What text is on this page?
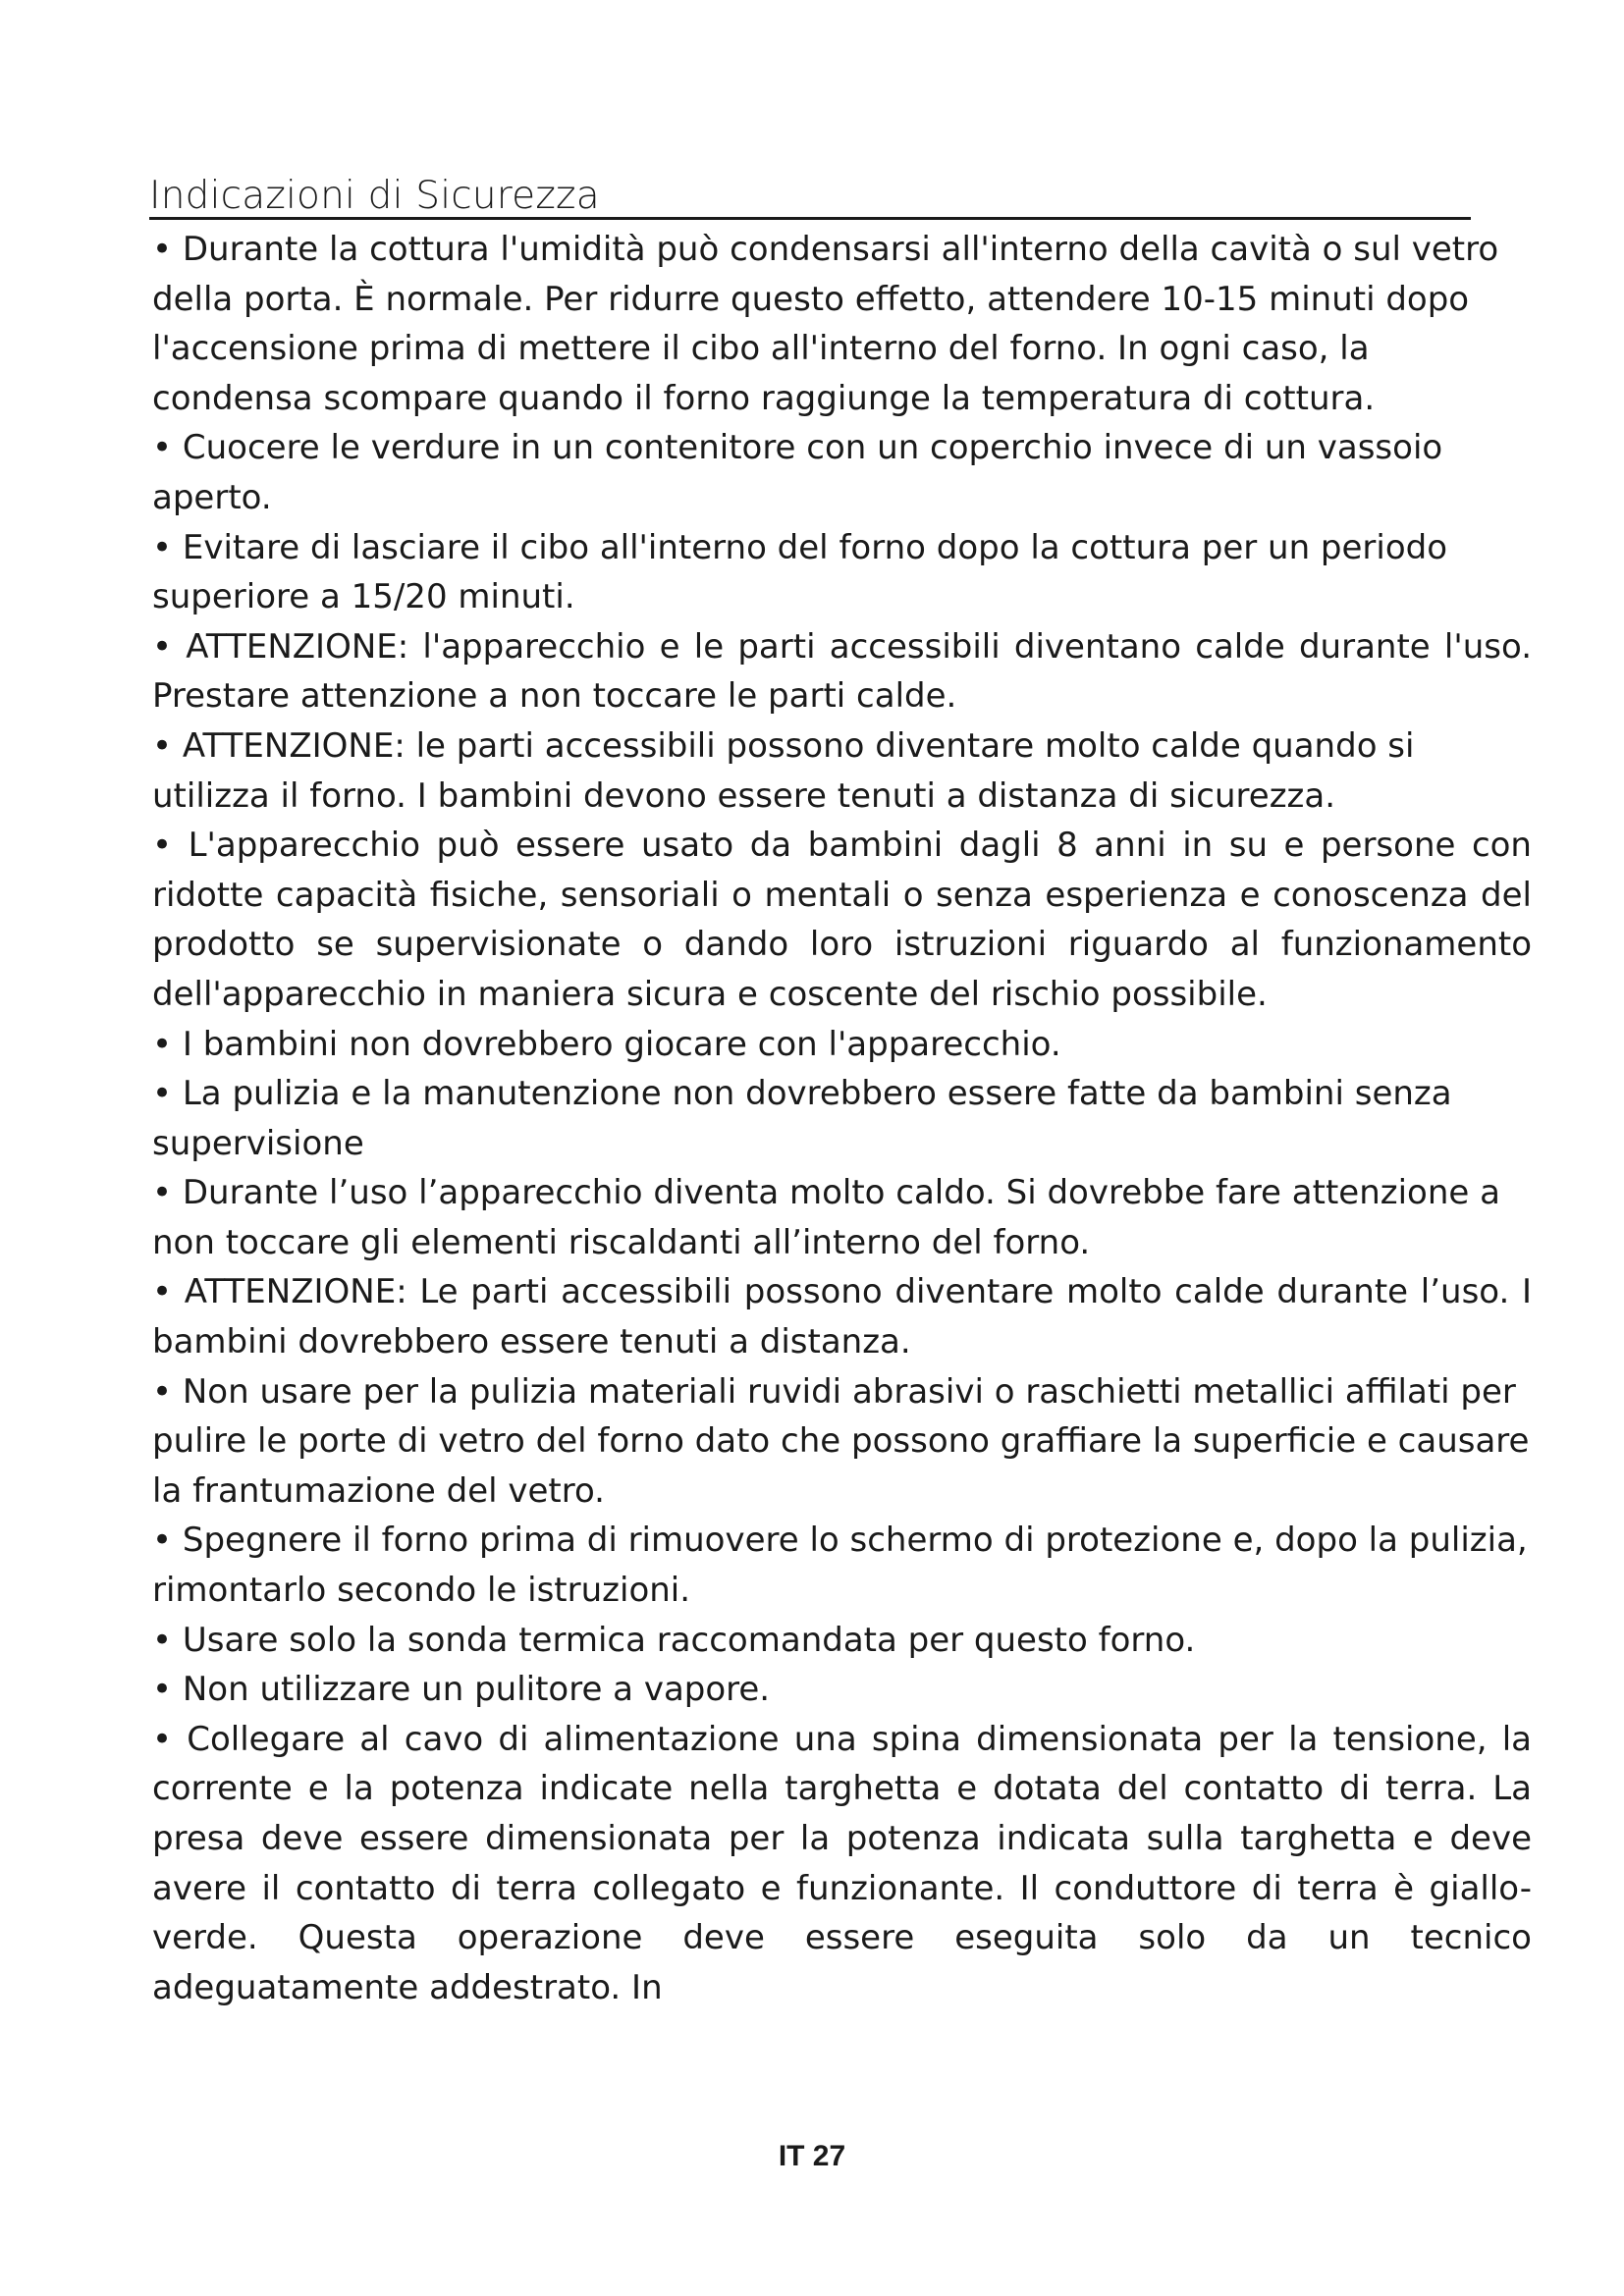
Indicazioni di Sicurezza

• Durante la cottura l'umidità può condensarsi all'interno della cavità o sul vetro della porta. È normale. Per ridurre questo effetto, attendere 10-15 minuti dopo l'accensione prima di mettere il cibo all'interno del forno. In ogni caso, la condensa scompare quando il forno raggiunge la temperatura di cottura.

• Cuocere le verdure in un contenitore con un coperchio invece di un vassoio aperto.

• Evitare di lasciare il cibo all'interno del forno dopo la cottura per un periodo superiore a 15/20 minuti.

• ATTENZIONE: l'apparecchio e le parti accessibili diventano calde durante l'uso. Prestare attenzione a non toccare le parti calde.

• ATTENZIONE: le parti accessibili possono diventare molto calde quando si utilizza il forno. I bambini devono essere tenuti a distanza di sicurezza.

• L'apparecchio può essere usato da bambini dagli 8 anni in su e persone con ridotte capacità fisiche, sensoriali o mentali o senza esperienza e conoscenza del prodotto se supervisionate o dando loro istruzioni riguardo al funzionamento dell'apparecchio in maniera sicura e coscente del rischio possibile.

• I bambini non dovrebbero giocare con l'apparecchio.

• La pulizia e la manutenzione non dovrebbero essere fatte da bambini senza supervisione

• Durante l’uso l’apparecchio diventa molto caldo. Si dovrebbe fare attenzione a non toccare gli elementi riscaldanti all’interno del forno.

• ATTENZIONE: Le parti accessibili possono diventare molto calde durante l’uso. I bambini dovrebbero essere tenuti a distanza.

• Non usare per la pulizia materiali ruvidi abrasivi o raschietti metallici affilati per pulire le porte di vetro del forno dato che possono graffiare la superficie e causare la frantumazione del vetro.

• Spegnere il forno prima di rimuovere lo schermo di protezione e, dopo la pulizia, rimontarlo secondo le istruzioni.

• Usare solo la sonda termica raccomandata per questo forno.

• Non utilizzare un pulitore a vapore.

• Collegare al cavo di alimentazione una spina dimensionata per la tensione, la corrente e la potenza indicate nella targhetta e dotata del contatto di terra. La presa deve essere dimensionata per la potenza indicata sulla targhetta e deve avere il contatto di terra collegato e funzionante. Il conduttore di terra è giallo-verde. Questa operazione deve essere eseguita solo da un tecnico adeguatamente addestrato. In

IT 27
